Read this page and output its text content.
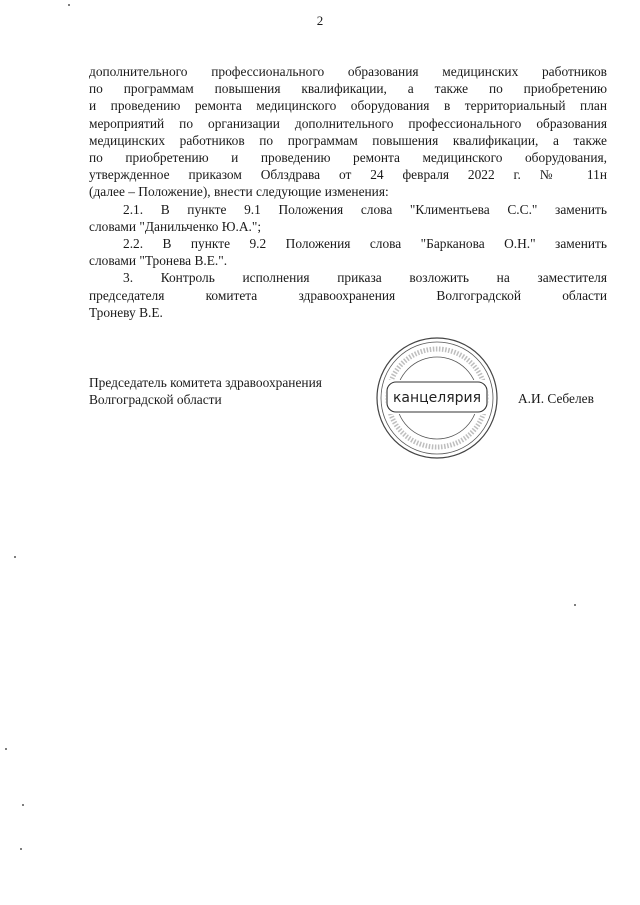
2

дополнительного профессионального образования медицинских работников

по программам повышения квалификации, а также по приобретению

и проведению ремонта медицинского оборудования в территориальный план

мероприятий по организации дополнительного профессионального образования

медицинских работников по программам повышения квалификации, а также

по приобретению и проведению ремонта медицинского оборудования,

утвержденное приказом Облздрава от 24 февраля 2022 г. № 11н

(далее – Положение), внести следующие изменения:

2.1. В пункте 9.1 Положения слова "Климентьева С.С." заменить

словами "Данильченко Ю.А.";

2.2. В пункте 9.2 Положения слова "Барканова О.Н." заменить

словами "Тронева В.Е.".

3. Контроль исполнения приказа возложить на заместителя

председателя комитета здравоохранения Волгоградской области

Троневу В.Е.

Председатель комитета здравоохранения
Волгоградской области	А.И. Себелев
канцелярия
